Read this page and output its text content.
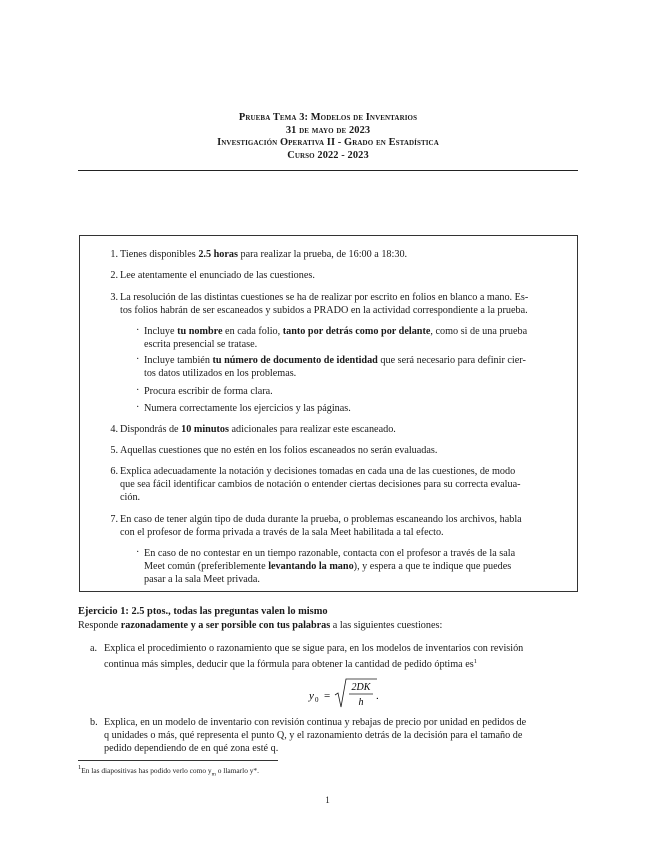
Prueba Tema 3: Modelos de Inventarios
31 de mayo de 2023
Investigación Operativa II - Grado en Estadística
Curso 2022 - 2023
1. Tienes disponibles 2.5 horas para realizar la prueba, de 16:00 a 18:30.
2. Lee atentamente el enunciado de las cuestiones.
3. La resolución de las distintas cuestiones se ha de realizar por escrito en folios en blanco a mano. Es-
tos folios habrán de ser escaneados y subidos a PRADO en la actividad correspondiente a la prueba.
· Incluye tu nombre en cada folio, tanto por detrás como por delante, como si de una prueba
escrita presencial se tratase.
· Incluye también tu número de documento de identidad que será necesario para definir cier-
tos datos utilizados en los problemas.
· Procura escribir de forma clara.
· Numera correctamente los ejercicios y las páginas.
4. Dispondrás de 10 minutos adicionales para realizar este escaneado.
5. Aquellas cuestiones que no estén en los folios escaneados no serán evaluadas.
6. Explica adecuadamente la notación y decisiones tomadas en cada una de las cuestiones, de modo
que sea fácil identificar cambios de notación o entender ciertas decisiones para su correcta evalua-
ción.
7. En caso de tener algún tipo de duda durante la prueba, o problemas escaneando los archivos, habla
con el profesor de forma privada a través de la sala Meet habilitada a tal efecto.
· En caso de no contestar en un tiempo razonable, contacta con el profesor a través de la sala
Meet común (preferiblemente levantando la mano), y espera a que te indique que puedes
pasar a la sala Meet privada.
Ejercicio 1: 2.5 ptos., todas las preguntas valen lo mismo
Responde razonadamente y a ser porsible con tus palabras a las siguientes cuestiones:
a. Explica el procedimiento o razonamiento que se sigue para, en los modelos de inventarios con revisión
continua más simples, deducir que la fórmula para obtener la cantidad de pedido óptima $es^1$
y 0 =
2DK
h
.
b. Explica, en un modelo de inventario con revisión continua y rebajas de precio por unidad en pedidos de
q unidades o más, qué representa el punto Q, y el razonamiento detrás de la decisión para el tamaño de
pedido dependiendo de en qué zona esté q.
$^1$En las diapositivas has podido verlo como $y_m$ o llamarlo y*.
1
